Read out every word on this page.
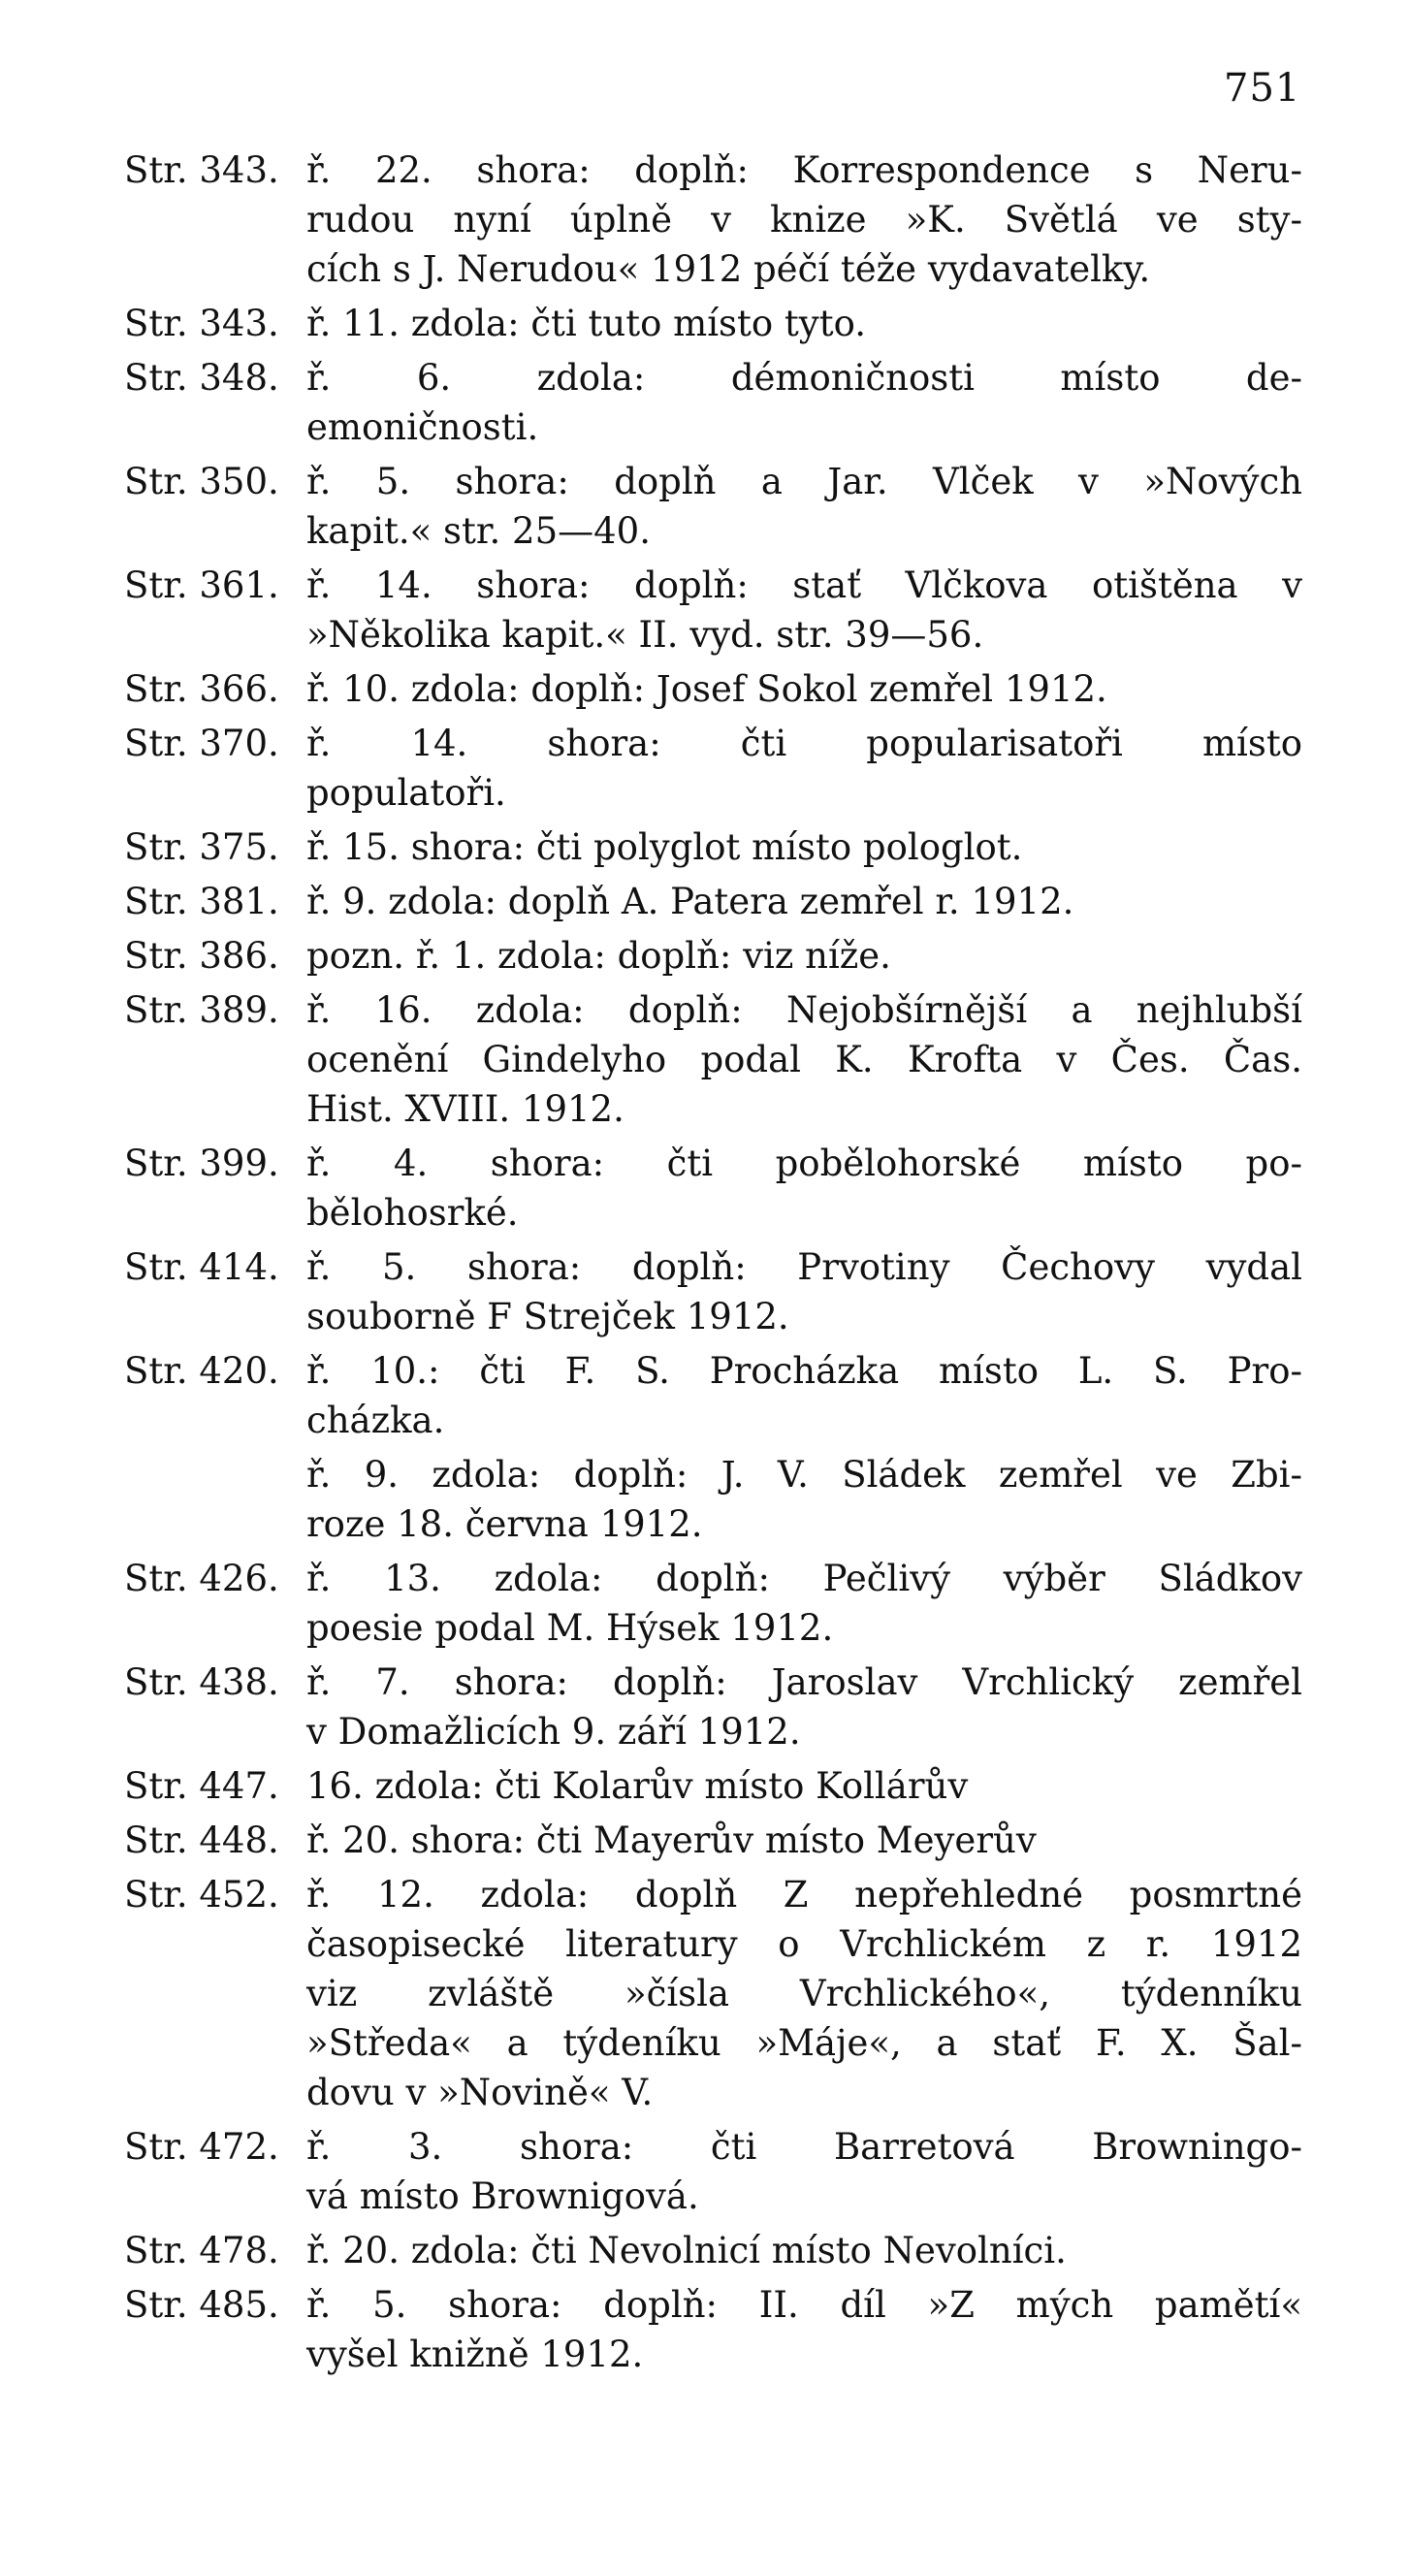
751
Str. 343. ř. 22. shora: doplň: Korrespondence s Neru-
rudou nyní úplně v knize »K. Světlá ve sty-
cích s J. Nerudou« 1912 péčí téže vydavatelky.
Str. 343. ř. 11. zdola: čti tuto místo tyto.
Str. 348. ř. 6. zdola: démoničnosti místo de-
emoničnosti.
Str. 350. ř. 5. shora: doplň a Jar. Vlček v »Nových
kapit.« str. 25—40.
Str. 361. ř. 14. shora: doplň: stať Vlčkova otištěna v
»Několika kapit.« II. vyd. str. 39—56.
Str. 366. ř. 10. zdola: doplň: Josef Sokol zemřel 1912.
Str. 370. ř. 14. shora: čti popularisatoři místo
populatoři.
Str. 375. ř. 15. shora: čti polyglot místo pologlot.
Str. 381. ř. 9. zdola: doplň A. Patera zemřel r. 1912.
Str. 386. pozn. ř. 1. zdola: doplň: viz níže.
Str. 389. ř. 16. zdola: doplň: Nejobšírnější a nejhlubší
ocenění Gindelyho podal K. Krofta v Čes. Čas.
Hist. XVIII. 1912.
Str. 399. ř. 4. shora: čti pobělohorské místo po-
bělohosrké.
Str. 414. ř. 5. shora: doplň: Prvotiny Čechovy vydal
souborně F Strejček 1912.
Str. 420. ř. 10.: čti F. S. Procházka místo L. S. Pro-
cházka.
ř. 9. zdola: doplň: J. V. Sládek zemřel ve Zbi-
roze 18. června 1912.
Str. 426. ř. 13. zdola: doplň: Pečlivý výběr Sládkov
poesie podal M. Hýsek 1912.
Str. 438. ř. 7. shora: doplň: Jaroslav Vrchlický zemřel
v Domažlicích 9. září 1912.
Str. 447. 16. zdola: čti Kolarův místo Kollárův
Str. 448. ř. 20. shora: čti Mayerův místo Meyerův
Str. 452. ř. 12. zdola: doplň Z nepřehledné posmrtné
časopisecké literatury o Vrchlickém z r. 1912
viz zvláště »čísla Vrchlického«, týdenníku
»Středa« a týdeníku »Máje«, a stať F. X. Šal-
dovu v »Novině« V.
Str. 472. ř. 3. shora: čti Barretová Browningo-
vá místo Brownigová.
Str. 478. ř. 20. zdola: čti Nevolnicí místo Nevolníci.
Str. 485. ř. 5. shora: doplň: II. díl »Z mých pamětí«
vyšel knižně 1912.
